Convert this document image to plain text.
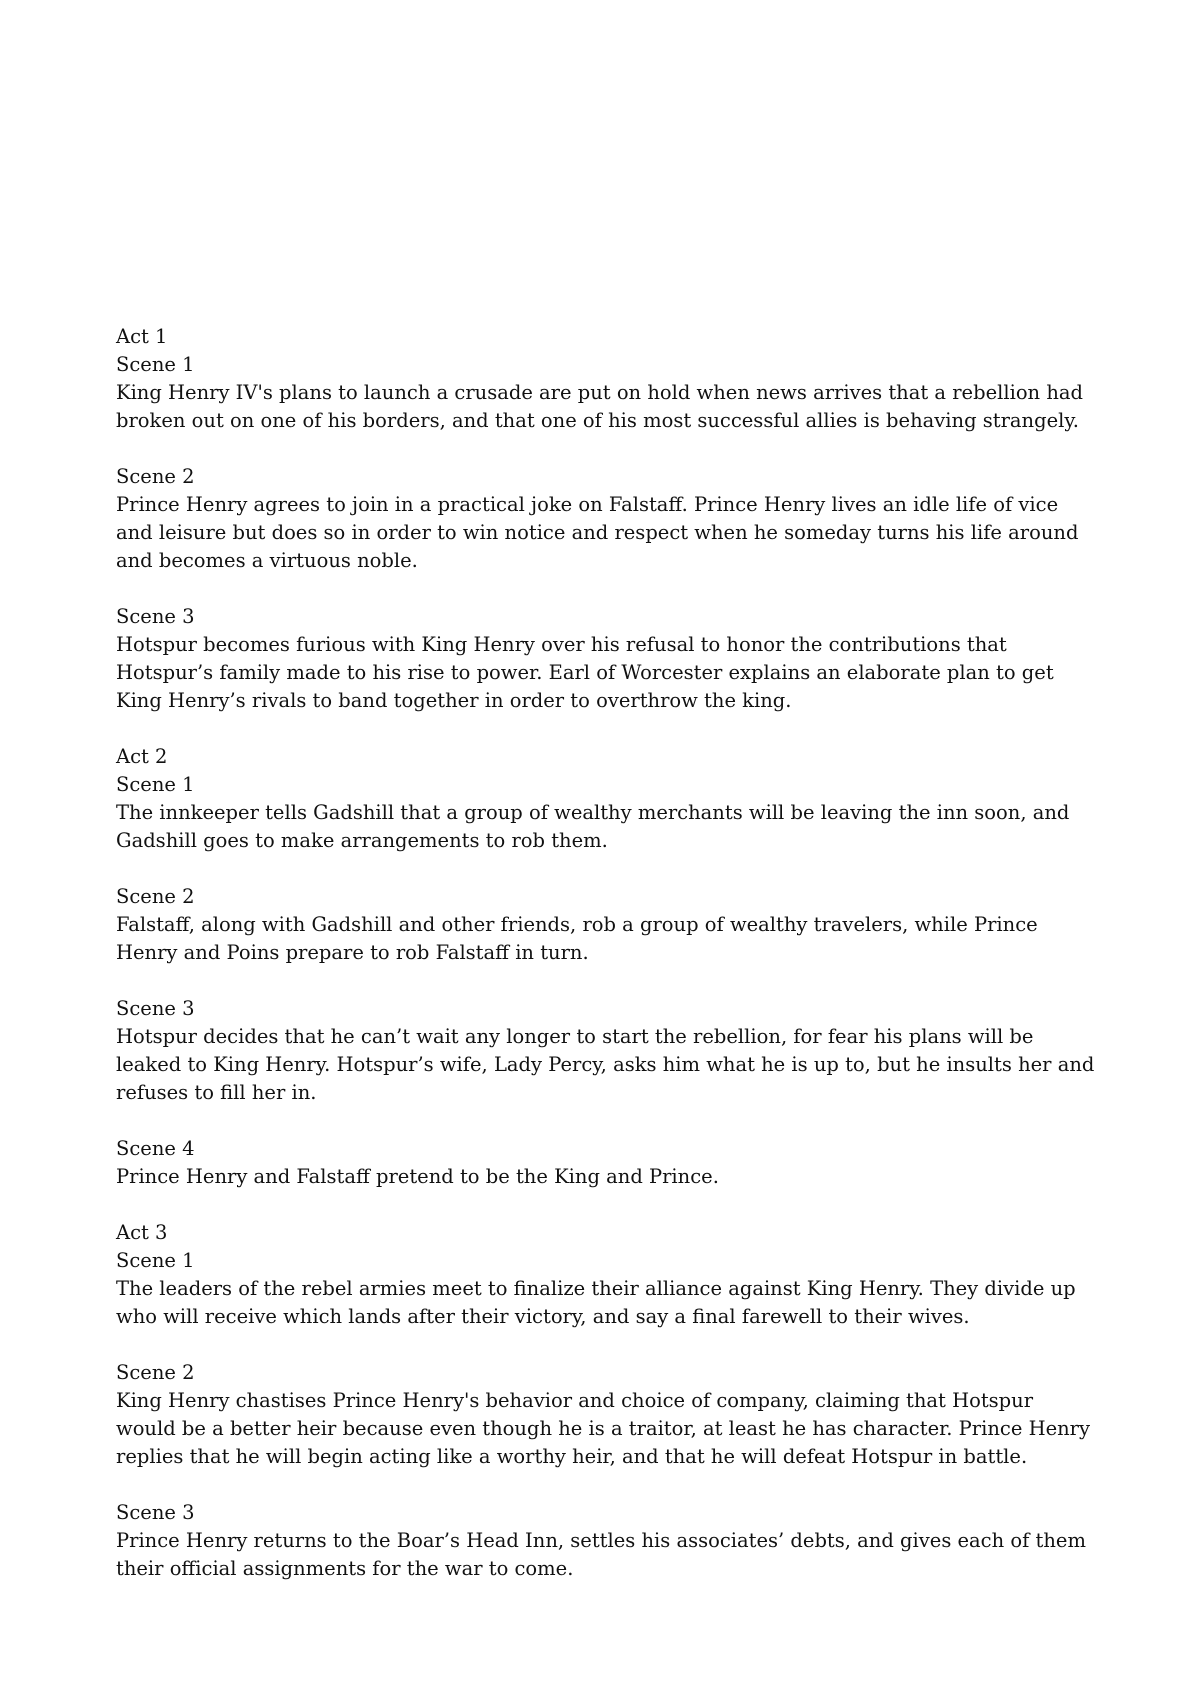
Act 1

Scene 1

King Henry IV's plans to launch a crusade are put on hold when news arrives that a rebellion had broken out on one of his borders, and that one of his most successful allies is behaving strangely.

Scene 2

Prince Henry agrees to join in a practical joke on Falstaff. Prince Henry lives an idle life of vice and leisure but does so in order to win notice and respect when he someday turns his life around and becomes a virtuous noble.

Scene 3

Hotspur becomes furious with King Henry over his refusal to honor the contributions that Hotspur’s family made to his rise to power. Earl of Worcester explains an elaborate plan to get King Henry’s rivals to band together in order to overthrow the king.

Act 2

Scene 1

The innkeeper tells Gadshill that a group of wealthy merchants will be leaving the inn soon, and Gadshill goes to make arrangements to rob them.

Scene 2

Falstaff, along with Gadshill and other friends, rob a group of wealthy travelers, while Prince Henry and Poins prepare to rob Falstaff in turn.

Scene 3

Hotspur decides that he can’t wait any longer to start the rebellion, for fear his plans will be leaked to King Henry. Hotspur’s wife, Lady Percy, asks him what he is up to, but he insults her and refuses to fill her in.

Scene 4

Prince Henry and Falstaff pretend to be the King and Prince.

Act 3

Scene 1

The leaders of the rebel armies meet to finalize their alliance against King Henry. They divide up who will receive which lands after their victory, and say a final farewell to their wives.

Scene 2

King Henry chastises Prince Henry's behavior and choice of company, claiming that Hotspur would be a better heir because even though he is a traitor, at least he has character. Prince Henry replies that he will begin acting like a worthy heir, and that he will defeat Hotspur in battle.

Scene 3

Prince Henry returns to the Boar’s Head Inn, settles his associates’ debts, and gives each of them their official assignments for the war to come.
